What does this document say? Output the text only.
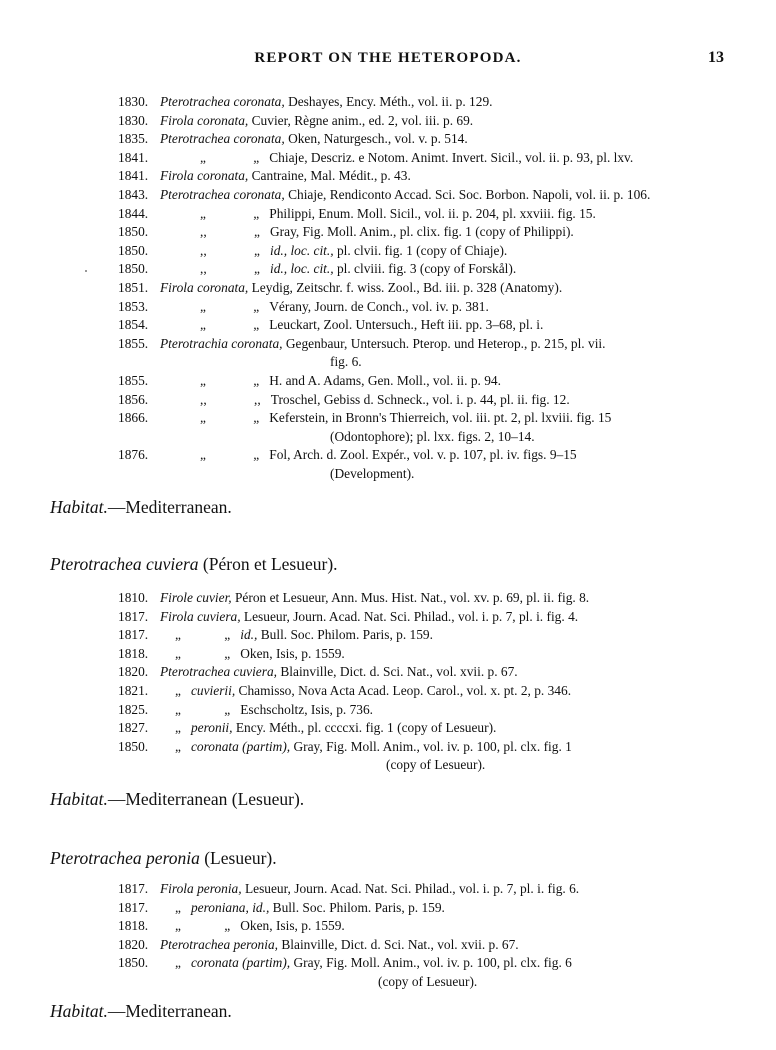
REPORT ON THE HETEROPODA.	13
1830. Pterotrachea coronata, Deshayes, Ency. Méth., vol. ii. p. 129.
1830. Firola coronata, Cuvier, Règne anim., ed. 2, vol. iii. p. 69.
1835. Pterotrachea coronata, Oken, Naturgesch., vol. v. p. 514.
1841.	„ „ Chiaje, Descriz. e Notom. Animt. Invert. Sicil., vol. ii. p. 93, pl. lxv.
1841. Firola coronata, Cantraine, Mal. Médit., p. 43.
1843. Pterotrachea coronata, Chiaje, Rendiconto Accad. Sci. Soc. Borbon. Napoli, vol. ii. p. 106.
1844.	„ „ Philippi, Enum. Moll. Sicil., vol. ii. p. 204, pl. xxviii. fig. 15.
1850.	,, „ Gray, Fig. Moll. Anim., pl. clix. fig. 1 (copy of Philippi).
1850.	,, „ id., loc. cit., pl. clvii. fig. 1 (copy of Chiaje).
1850.	,, „ id., loc. cit., pl. clviii. fig. 3 (copy of Forskål).
1851. Firola coronata, Leydig, Zeitschr. f. wiss. Zool., Bd. iii. p. 328 (Anatomy).
1853.	„ „ Vérany, Journ. de Conch., vol. iv. p. 381.
1854.	„ „ Leuckart, Zool. Untersuch., Heft iii. pp. 3–68, pl. i.
1855. Pterotrachia coronata, Gegenbaur, Untersuch. Pterop. und Heterop., p. 215, pl. vii.
fig. 6.
1855.	„ „ H. and A. Adams, Gen. Moll., vol. ii. p. 94.
1856.	,, ,, Troschel, Gebiss d. Schneck., vol. i. p. 44, pl. ii. fig. 12.
1866.	„ „ Keferstein, in Bronn's Thierreich, vol. iii. pt. 2, pl. lxviii. fig. 15
(Odontophore); pl. lxx. figs. 2, 10–14.
1876.	„ „ Fol, Arch. d. Zool. Expér., vol. v. p. 107, pl. iv. figs. 9–15
(Development).
Habitat.—Mediterranean.
Pterotrachea cuviera (Péron et Lesueur).
1810. Firole cuvier, Péron et Lesueur, Ann. Mus. Hist. Nat., vol. xv. p. 69, pl. ii. fig. 8.
1817. Firola cuviera, Lesueur, Journ. Acad. Nat. Sci. Philad., vol. i. p. 7, pl. i. fig. 4.
1817. „ „ id., Bull. Soc. Philom. Paris, p. 159.
1818. „ „ Oken, Isis, p. 1559.
1820. Pterotrachea cuviera, Blainville, Dict. d. Sci. Nat., vol. xvii. p. 67.
1821. „ cuvierii, Chamisso, Nova Acta Acad. Leop. Carol., vol. x. pt. 2, p. 346.
1825. „ „ Eschscholtz, Isis, p. 736.
1827. „ peronii, Ency. Méth., pl. ccccxi. fig. 1 (copy of Lesueur).
1850. „ coronata (partim), Gray, Fig. Moll. Anim., vol. iv. p. 100, pl. clx. fig. 1
(copy of Lesueur).
Habitat.—Mediterranean (Lesueur).
Pterotrachea peronia (Lesueur).
1817. Firola peronia, Lesueur, Journ. Acad. Nat. Sci. Philad., vol. i. p. 7, pl. i. fig. 6.
1817. „ peroniana, id., Bull. Soc. Philom. Paris, p. 159.
1818. „ „ Oken, Isis, p. 1559.
1820. Pterotrachea peronia, Blainville, Dict. d. Sci. Nat., vol. xvii. p. 67.
1850. „ coronata (partim), Gray, Fig. Moll. Anim., vol. iv. p. 100, pl. clx. fig. 6
(copy of Lesueur).
Habitat.—Mediterranean.
